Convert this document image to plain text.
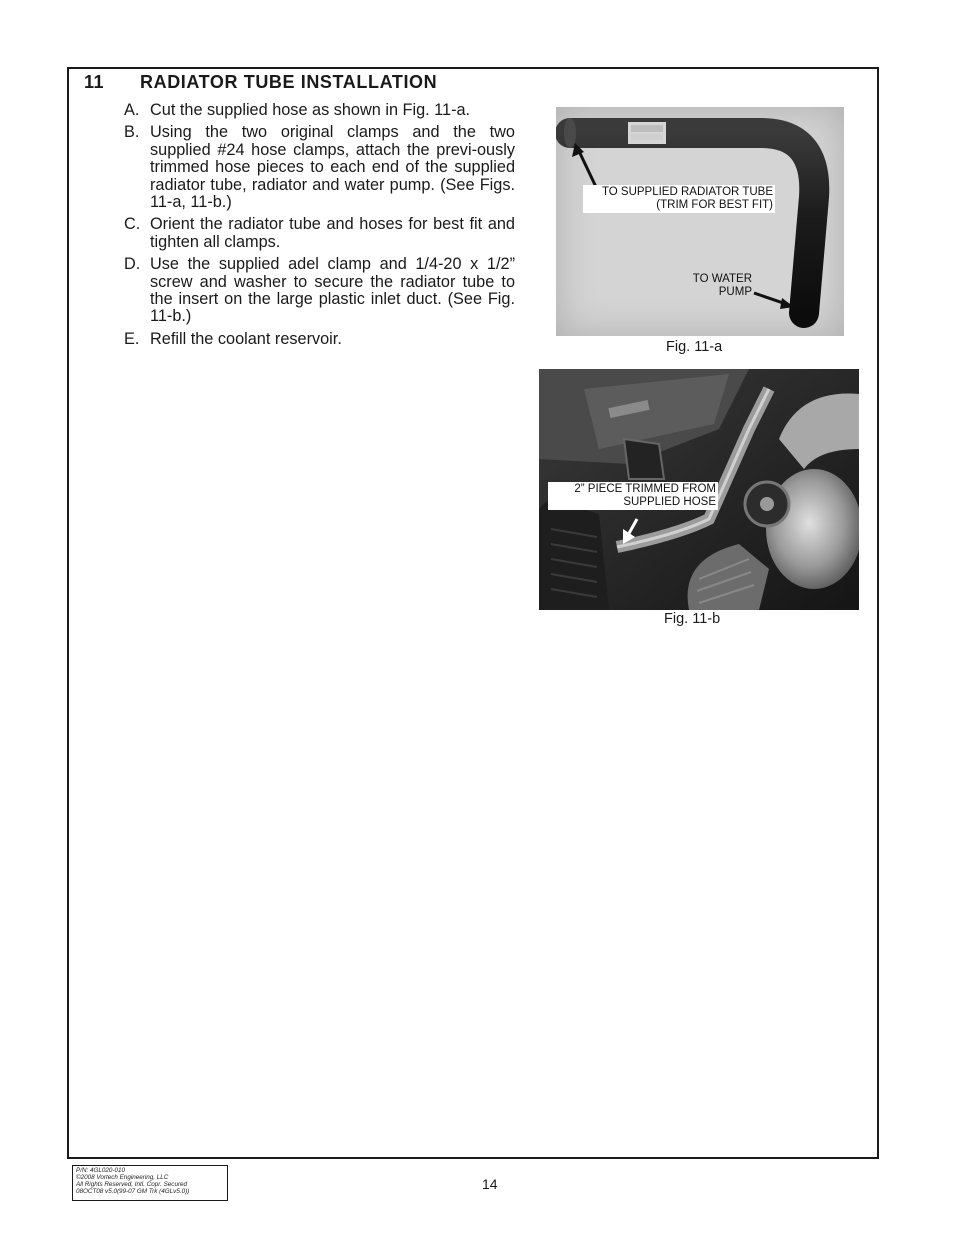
11 RADIATOR TUBE INSTALLATION
A. Cut the supplied hose as shown in Fig. 11-a.
B. Using the two original clamps and the two supplied #24 hose clamps, attach the previ-ously trimmed hose pieces to each end of the supplied radiator tube, radiator and water pump. (See Figs. 11-a, 11-b.)
C. Orient the radiator tube and hoses for best fit and tighten all clamps.
D. Use the supplied adel clamp and 1/4-20 x 1/2” screw and washer to secure the radiator tube to the insert on the large plastic inlet duct. (See Fig. 11-b.)
E. Refill the coolant reservoir.
TO SUPPLIED RADIATOR TUBE
(TRIM FOR BEST FIT)
TO WATER
PUMP
Fig. 11-a
2” PIECE TRIMMED FROM
SUPPLIED HOSE
Fig. 11-b
P/N: 4GL020-010
©2008 Vortech Engineering, LLC
All Rights Reserved, Intl. Copr. Secured
08OCT08 v5.0(99-07 GM Trk (4GLv5.0))	14
